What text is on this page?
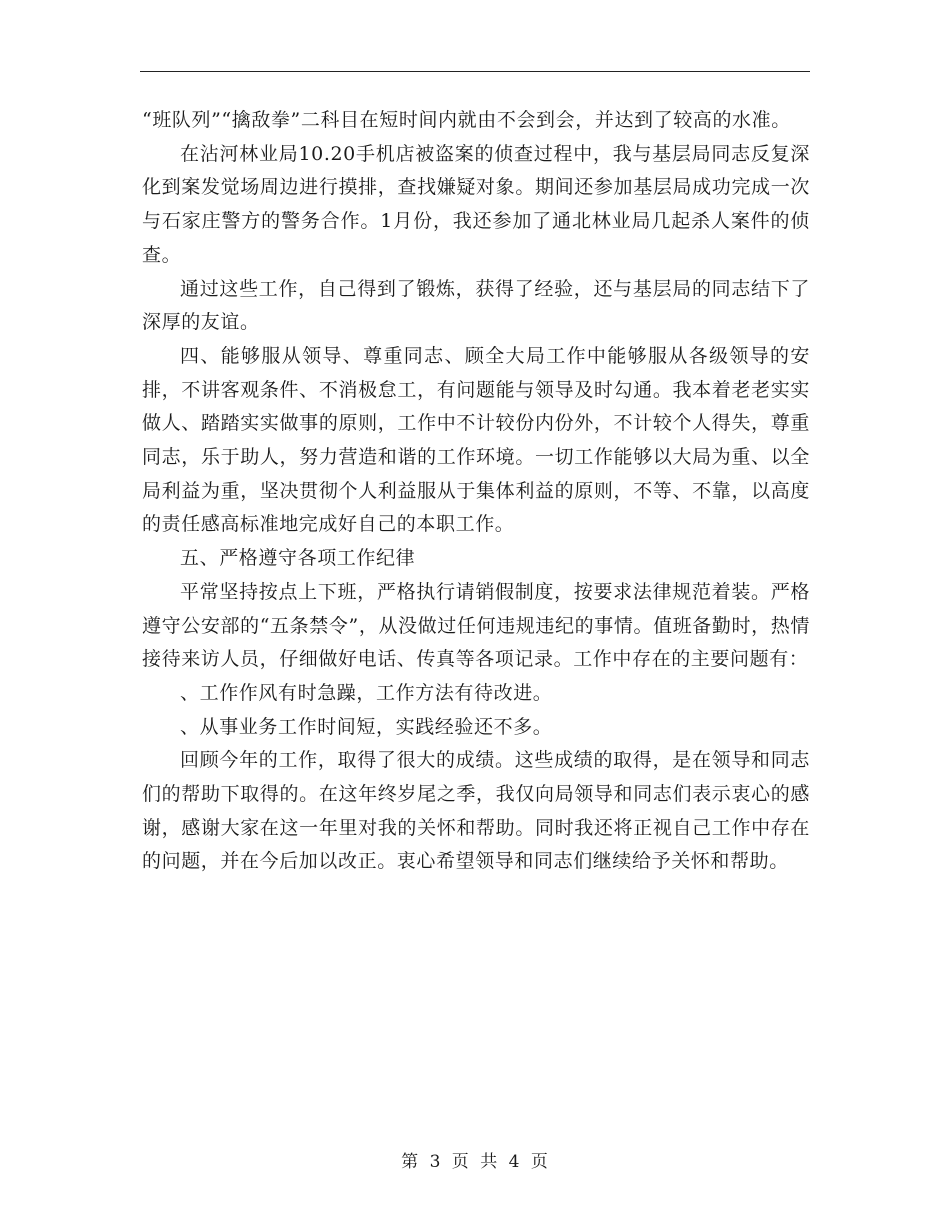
“班队列”“擒敌拳”二科目在短时间内就由不会到会，并达到了较高的水准。

在沾河林业局10.20手机店被盗案的侦查过程中，我与基层局同志反复深化到案发觉场周边进行摸排，查找嫌疑对象。期间还参加基层局成功完成一次与石家庄警方的警务合作。1月份，我还参加了通北林业局几起杀人案件的侦查。

通过这些工作，自己得到了锻炼，获得了经验，还与基层局的同志结下了深厚的友谊。

四、能够服从领导、尊重同志、顾全大局工作中能够服从各级领导的安排，不讲客观条件、不消极怠工，有问题能与领导及时勾通。我本着老老实实做人、踏踏实实做事的原则，工作中不计较份内份外，不计较个人得失，尊重同志，乐于助人，努力营造和谐的工作环境。一切工作能够以大局为重、以全局利益为重，坚决贯彻个人利益服从于集体利益的原则，不等、不靠，以高度的责任感高标准地完成好自己的本职工作。

五、严格遵守各项工作纪律

平常坚持按点上下班，严格执行请销假制度，按要求法律规范着装。严格遵守公安部的“五条禁令”，从没做过任何违规违纪的事情。值班备勤时，热情接待来访人员，仔细做好电话、传真等各项记录。工作中存在的主要问题有：

、工作作风有时急躁，工作方法有待改进。

、从事业务工作时间短，实践经验还不多。

回顾今年的工作，取得了很大的成绩。这些成绩的取得，是在领导和同志们的帮助下取得的。在这年终岁尾之季，我仅向局领导和同志们表示衷心的感谢，感谢大家在这一年里对我的关怀和帮助。同时我还将正视自己工作中存在的问题，并在今后加以改正。衷心希望领导和同志们继续给予关怀和帮助。

第 3 页 共 4 页
